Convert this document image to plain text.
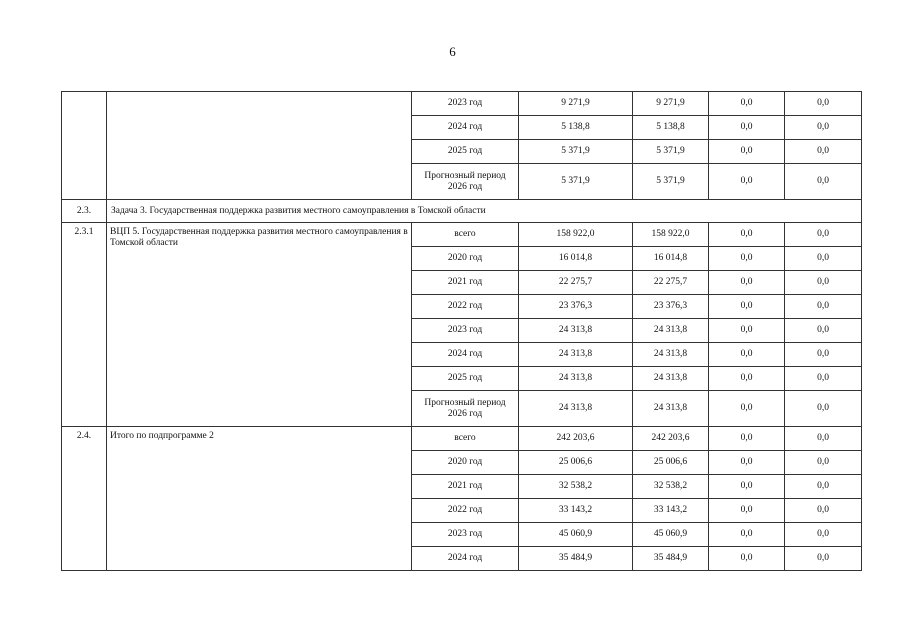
6
		2023 год	9 271,9	9 271,9	0,0	0,0
		2024 год	5 138,8	5 138,8	0,0	0,0
		2025 год	5 371,9	5 371,9	0,0	0,0
		Прогнозный период 2026 год	5 371,9	5 371,9	0,0	0,0
2.3.	Задача 3. Государственная поддержка развития местного самоуправления в Томской области					
2.3.1	ВЦП 5. Государственная поддержка развития местного самоуправления в Томской области	всего	158 922,0	158 922,0	0,0	0,0
		2020 год	16 014,8	16 014,8	0,0	0,0
		2021 год	22 275,7	22 275,7	0,0	0,0
		2022 год	23 376,3	23 376,3	0,0	0,0
		2023 год	24 313,8	24 313,8	0,0	0,0
		2024 год	24 313,8	24 313,8	0,0	0,0
		2025 год	24 313,8	24 313,8	0,0	0,0
		Прогнозный период 2026 год	24 313,8	24 313,8	0,0	0,0
2.4.	Итого по подпрограмме 2	всего	242 203,6	242 203,6	0,0	0,0
		2020 год	25 006,6	25 006,6	0,0	0,0
		2021 год	32 538,2	32 538,2	0,0	0,0
		2022 год	33 143,2	33 143,2	0,0	0,0
		2023 год	45 060,9	45 060,9	0,0	0,0
		2024 год	35 484,9	35 484,9	0,0	0,0
